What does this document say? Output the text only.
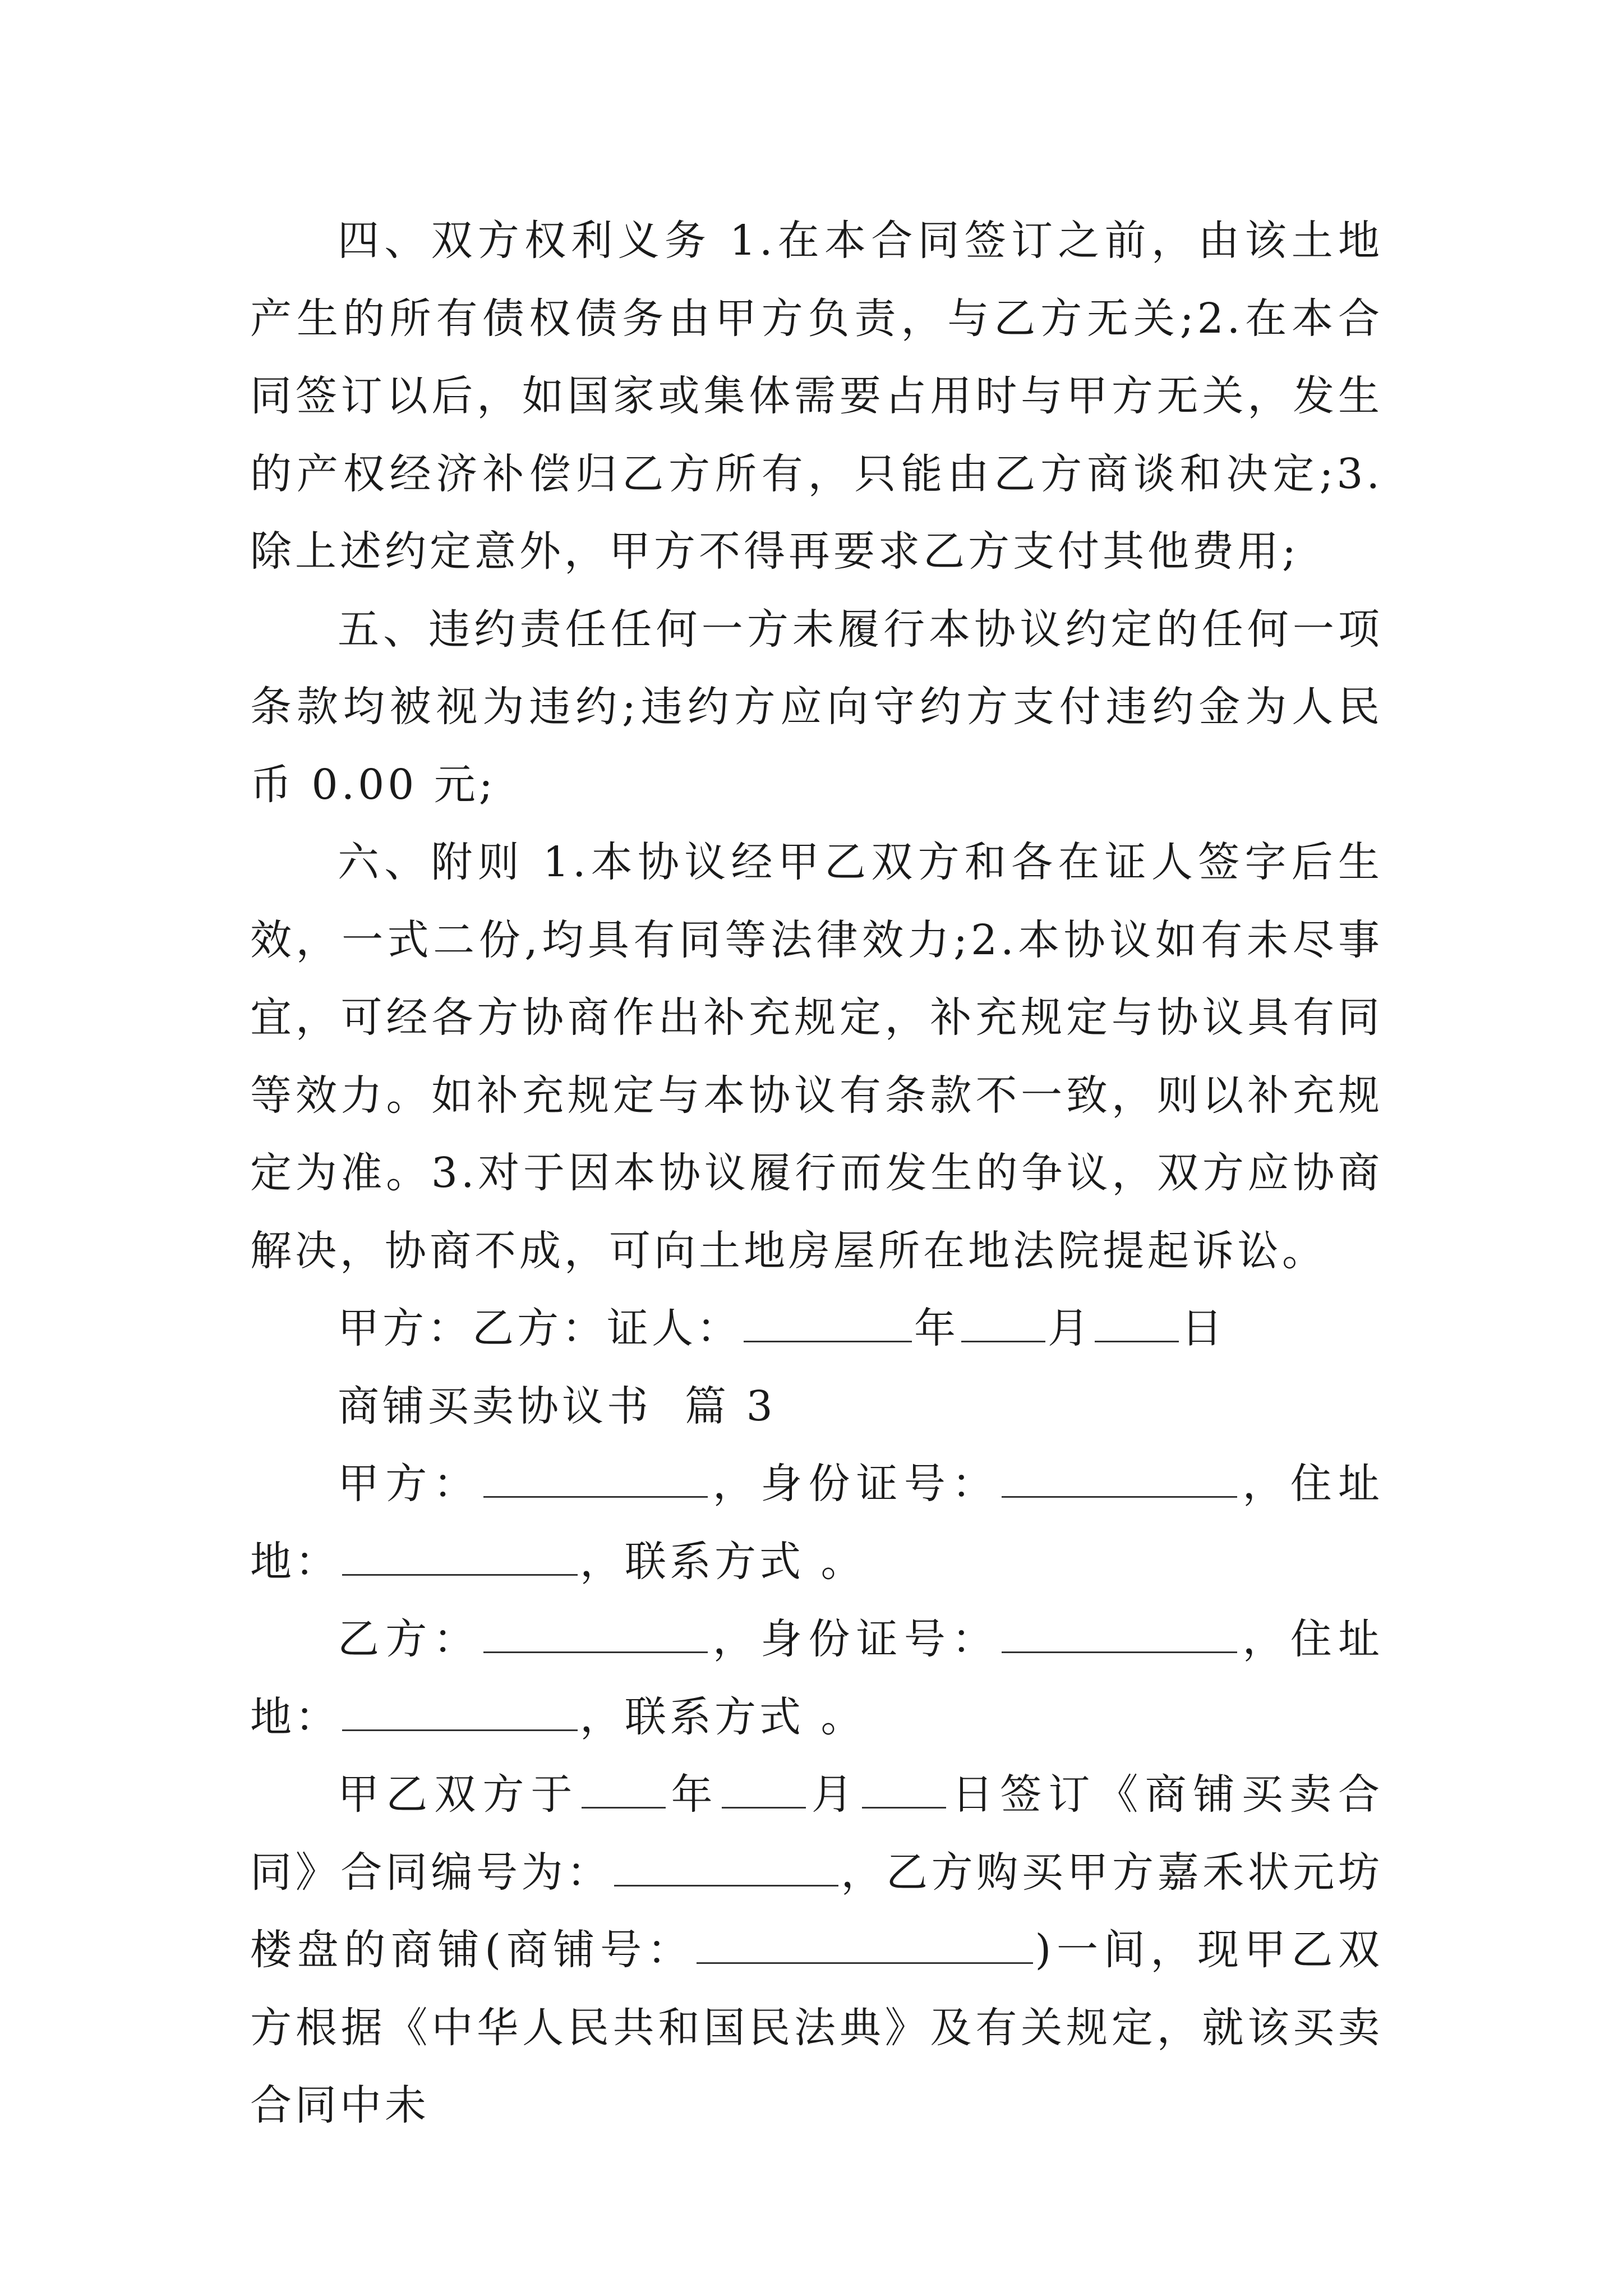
四、双方权利义务 1.在本合同签订之前，由该土地产生的所有债权债务由甲方负责，与乙方无关;2.在本合同签订以后，如国家或集体需要占用时与甲方无关，发生的产权经济补偿归乙方所有，只能由乙方商谈和决定;3.除上述约定意外，甲方不得再要求乙方支付其他费用;

五、违约责任任何一方未履行本协议约定的任何一项条款均被视为违约;违约方应向守约方支付违约金为人民币 0.00 元;

六、附则 1.本协议经甲乙双方和各在证人签字后生效，一式二份,均具有同等法律效力;2.本协议如有未尽事宜，可经各方协商作出补充规定，补充规定与协议具有同等效力。如补充规定与本协议有条款不一致，则以补充规定为准。3.对于因本协议履行而发生的争议，双方应协商解决，协商不成，可向土地房屋所在地法院提起诉讼。

甲方：乙方：证人：	年 月 日

商铺买卖协议书  篇 3

甲方：	，身份证号：	，住址地：	，联系方式 。

乙方：	，身份证号：	，住址地：	，联系方式 。

甲乙双方于 年 月 日签订《商铺买卖合同》合同编号为：	，乙方购买甲方嘉禾状元坊楼盘的商铺(商铺号：	)一间，现甲乙双方根据《中华人民共和国民法典》及有关规定，就该买卖合同中未
